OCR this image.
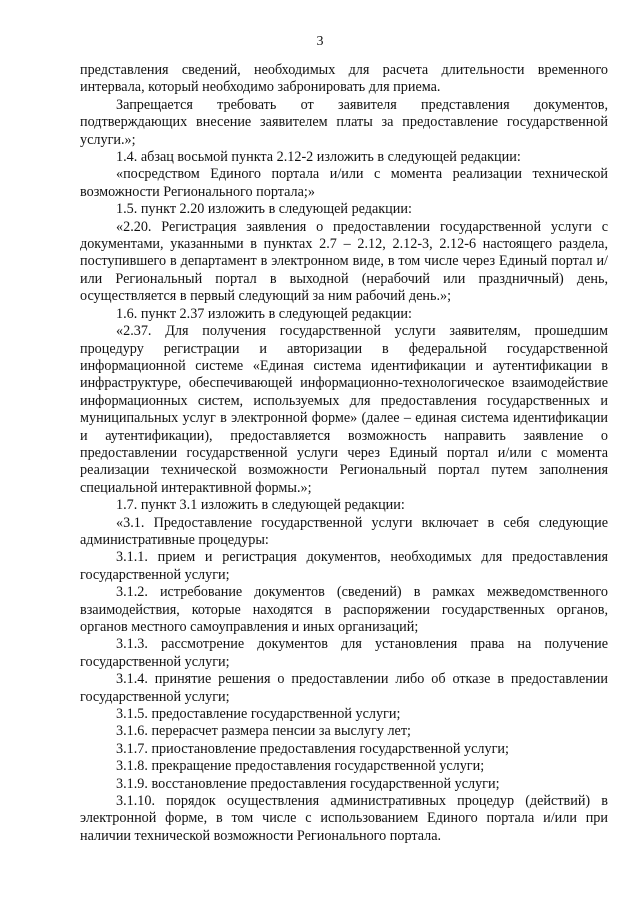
3

представления сведений, необходимых для расчета длительности временного интервала, который необходимо забронировать для приема.

Запрещается требовать от заявителя представления документов, подтверждающих внесение заявителем платы за предоставление государственной услуги.»;

1.4. абзац восьмой пункта 2.12-2 изложить в следующей редакции:

«посредством Единого портала и/или с момента реализации технической возможности Регионального портала;»

1.5. пункт 2.20 изложить в следующей редакции:

«2.20. Регистрация заявления о предоставлении государственной услуги с документами, указанными в пунктах 2.7 – 2.12, 2.12-3, 2.12-6 настоящего раздела, поступившего в департамент в электронном виде, в том числе через Единый портал и/или Региональный портал в выходной (нерабочий или праздничный) день, осуществляется в первый следующий за ним рабочий день.»;

1.6. пункт 2.37 изложить в следующей редакции:

«2.37. Для получения государственной услуги заявителям, прошедшим процедуру регистрации и авторизации в федеральной государственной информационной системе «Единая система идентификации и аутентификации в инфраструктуре, обеспечивающей информационно-технологическое взаимодействие информационных систем, используемых для предоставления государственных и муниципальных услуг в электронной форме» (далее – единая система идентификации и аутентификации), предоставляется возможность направить заявление о предоставлении государственной услуги через Единый портал и/или с момента реализации технической возможности Региональный портал путем заполнения специальной интерактивной формы.»;

1.7. пункт 3.1 изложить в следующей редакции:

«3.1. Предоставление государственной услуги включает в себя следующие административные процедуры:

3.1.1. прием и регистрация документов, необходимых для предоставления государственной услуги;

3.1.2. истребование документов (сведений) в рамках межведомственного взаимодействия, которые находятся в распоряжении государственных органов, органов местного самоуправления и иных организаций;

3.1.3. рассмотрение документов для установления права на получение государственной услуги;

3.1.4. принятие решения о предоставлении либо об отказе в предоставлении государственной услуги;

3.1.5. предоставление государственной услуги;

3.1.6. перерасчет размера пенсии за выслугу лет;

3.1.7. приостановление предоставления государственной услуги;

3.1.8. прекращение предоставления государственной услуги;

3.1.9. восстановление предоставления государственной услуги;

3.1.10. порядок осуществления административных процедур (действий) в электронной форме, в том числе с использованием Единого портала и/или при наличии технической возможности Регионального портала.
